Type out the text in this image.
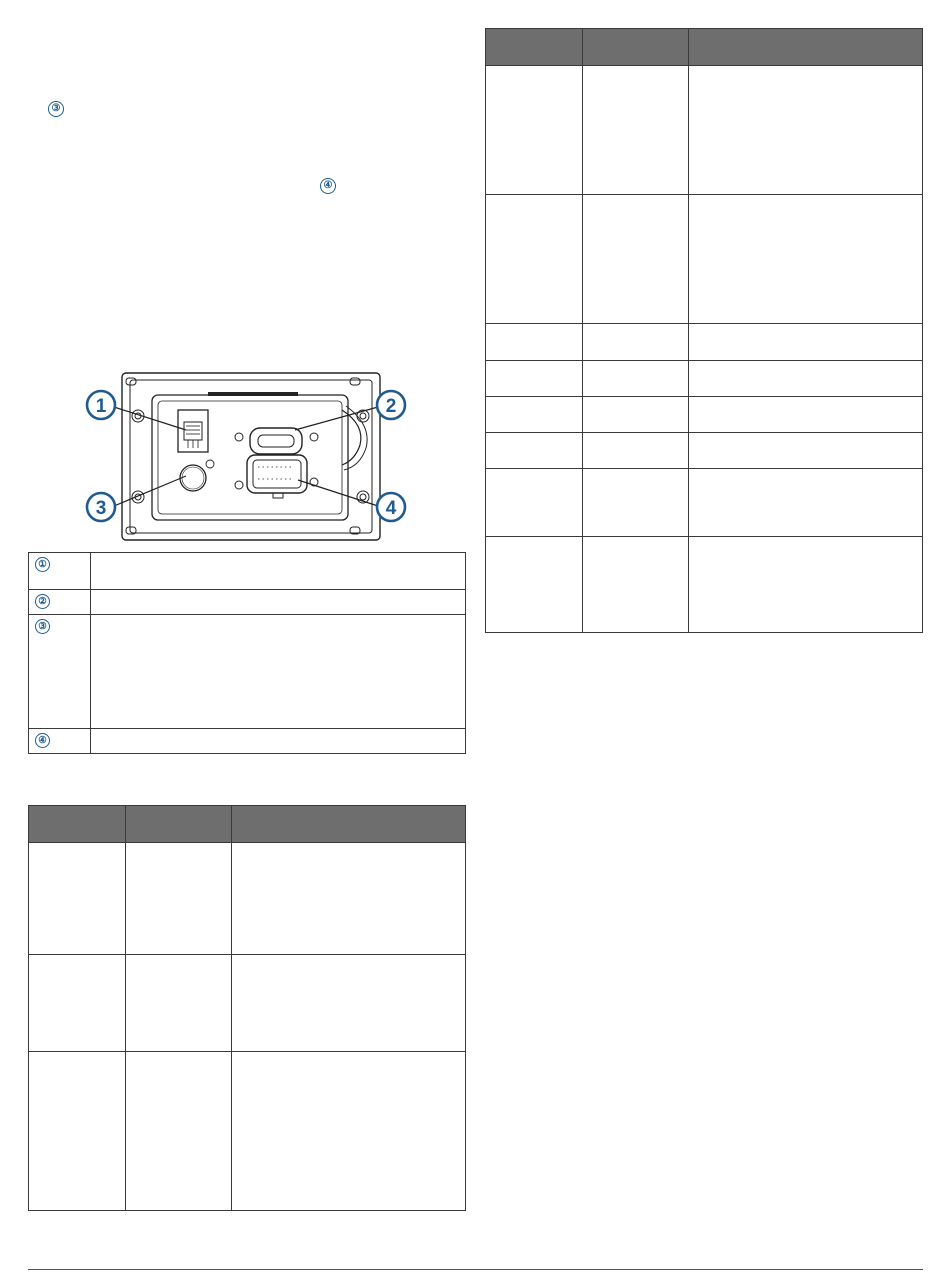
③
④
1	2
3	4
①	
②	
③	
④	
